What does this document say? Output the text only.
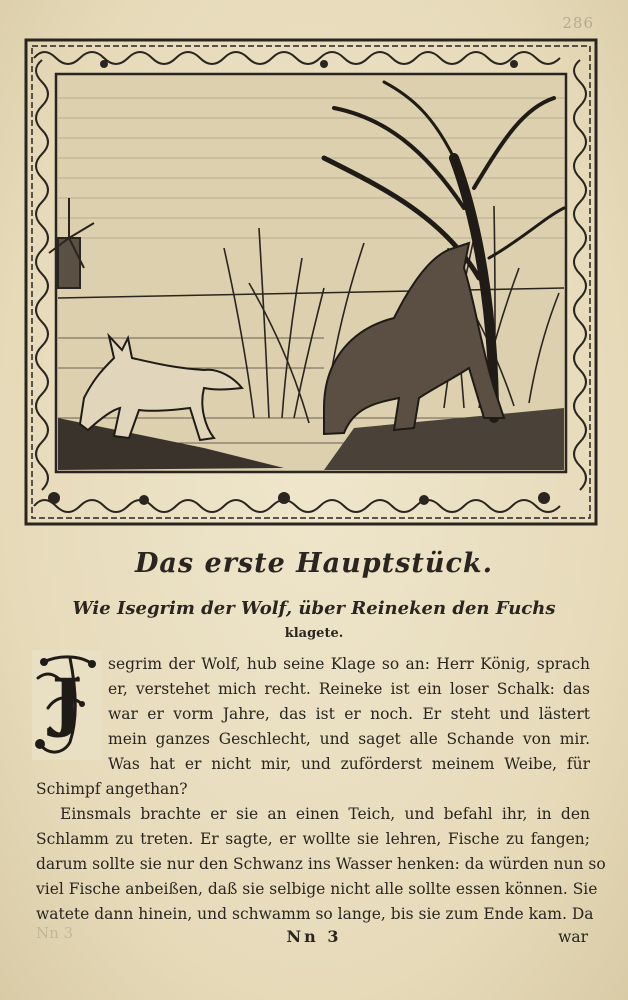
286
Das erste Hauptstück.
Wie Isegrim der Wolf, über Reineken den Fuchs
klagete.
J
segrim der Wolf, hub seine Klage so an: Herr König, sprach
er, verstehet mich recht. Reineke ist ein loser Schalk: das
war er vorm Jahre, das ist er noch. Er steht und lästert
mein ganzes Geschlecht, und saget alle Schande von mir.
Was hat er nicht mir, und zuförderst meinem Weibe, für
Schimpf angethan?
Einsmals brachte er sie an einen Teich, und befahl ihr, in den
Schlamm zu treten. Er sagte, er wollte sie lehren, Fische zu fangen;
darum sollte sie nur den Schwanz ins Wasser henken: da würden nun so
viel Fische anbeißen, daß sie selbige nicht alle sollte essen können. Sie
watete dann hinein, und schwamm so lange, bis sie zum Ende kam. Da
Nn 3	Nn 3	war
